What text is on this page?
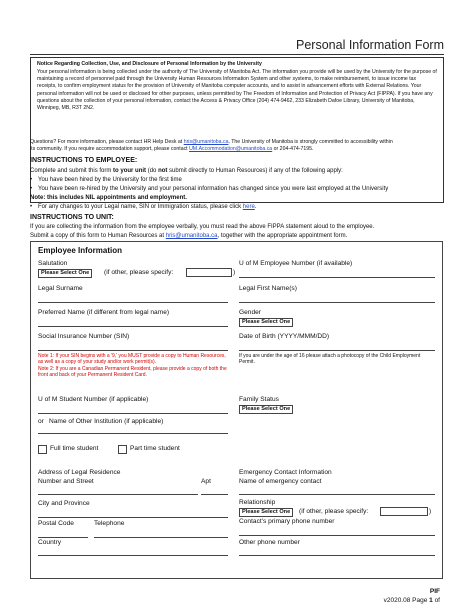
Personal Information Form
Notice Regarding Collection, Use, and Disclosure of Personal Information by the University
Your personal information is being collected under the authority of The University of Manitoba Act. The information you provide will be used by the University for the purpose of maintaining a record of personnel paid through the University Human Resources Information System and other systems, to make reimbursement, to issue income tax receipts, to confirm employment status for the provision of University of Manitoba computer accounts, and to assist in advancement efforts with External Relations. Your personal information will not be used or disclosed for other purposes, unless permitted by The Freedom of Information and Protection of Privacy Act (FIPPA). If you have any questions about the collection of your personal information, contact the Access & Privacy Office (204) 474-9462, 233 Elizabeth Dafoe Library, University of Manitoba, Winnipeg, MB, R3T 2N2.
Questions? For more information, please contact HR Help Desk at hris@umanitoba.ca. The University of Manitoba is strongly committed to accessibility within
its community. If you require accommodation support, please contact UM.Accommodation@umanitoba.ca or 204-474-7195.
INSTRUCTIONS TO EMPLOYEE:
Complete and submit this form to your unit (do not submit directly to Human Resources) if any of the following apply:
• You have been hired by the University for the first time
• You have been re-hired by the University and your personal information has changed since you were last employed at the University
Note: this includes NIL appointments and employment.
• For any changes to your Legal name, SIN or Immigration status, please click here.
INSTRUCTIONS TO UNIT:
If you are collecting the information from the employee verbally, you must read the above FIPPA statement aloud to the employee.
Submit a copy of this form to Human Resources at hris@umanitoba.ca, together with the appropriate appointment form.
Employee Information
Salutation
Please Select One	(if other, please specify:	)
U of M Employee Number (if available)
Legal Surname	Legal First Name(s)
Preferred Name (if different from legal name)	Gender
Please Select One
Social Insurance Number (SIN)	Date of Birth (YYYY/MMM/DD)
Note 1: If your SIN begins with a '9,' you MUST provide a copy to Human Resources, as well as a copy of your study and/or work permit(s).
Note 2: If you are a Canadian Permanent Resident, please provide a copy of both the front and back of your Permanent Resident Card.
If you are under the age of 16 please attach a photocopy of the Child Employment Permit.
U of M Student Number (if applicable)	Family Status
Please Select One
or Name of Other Institution (if applicable)
Full time student	Part time student
Address of Legal Residence
Number and Street	Apt
City and Province
Postal Code	Telephone
Country
Emergency Contact Information
Name of emergency contact
Relationship
Please Select One	(if other, please specify:	)
Contact's primary phone number
Other phone number
PIF
v2020.08 Page 1 of
